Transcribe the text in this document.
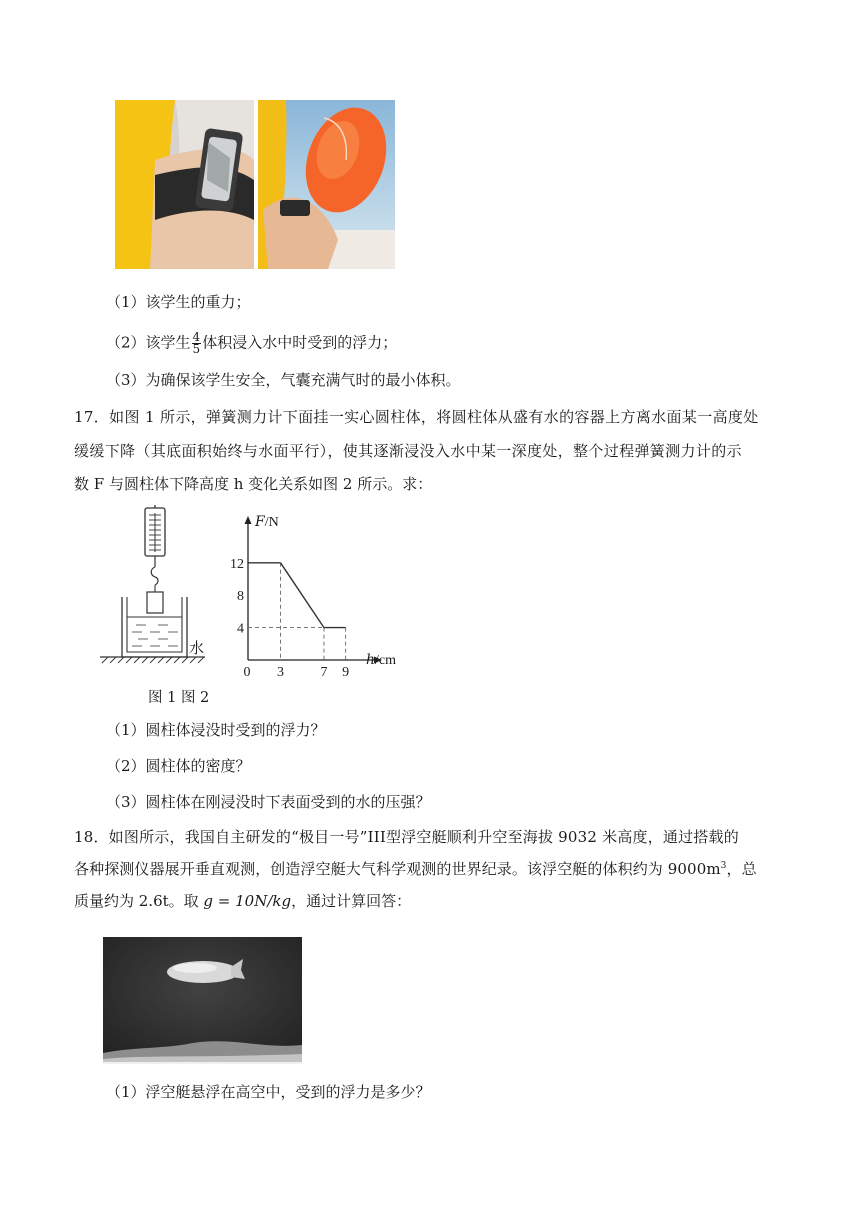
（1）该学生的重力；
（2）该学生 $\frac{4}{5}$ 体积浸入水中时受到的浮力；
（3）为确保该学生安全，气囊充满气时的最小体积。
17．如图 1 所示，弹簧测力计下面挂一实心圆柱体，将圆柱体从盛有水的容器上方离水面某一高度处
缓缓下降（其底面积始终与水面平行），使其逐渐浸没入水中某一深度处，整个过程弹簧测力计的示
数 F 与圆柱体下降高度 h 变化关系如图 2 所示。求：
水
0 3	7 9
4
8
12
F/N
h/cm
图 1 图 2
（1）圆柱体浸没时受到的浮力？
（2）圆柱体的密度？
（3）圆柱体在刚浸没时下表面受到的水的压强？
18．如图所示，我国自主研发的“极目一号”III型浮空艇顺利升空至海拔 9032 米高度，通过搭载的
各种探测仪器展开垂直观测，创造浮空艇大气科学观测的世界纪录。该浮空艇的体积约为 $9000m^3$，总
质量约为 2.6t。取 g = 10N/kg，通过计算回答：
（1）浮空艇悬浮在高空中，受到的浮力是多少？
